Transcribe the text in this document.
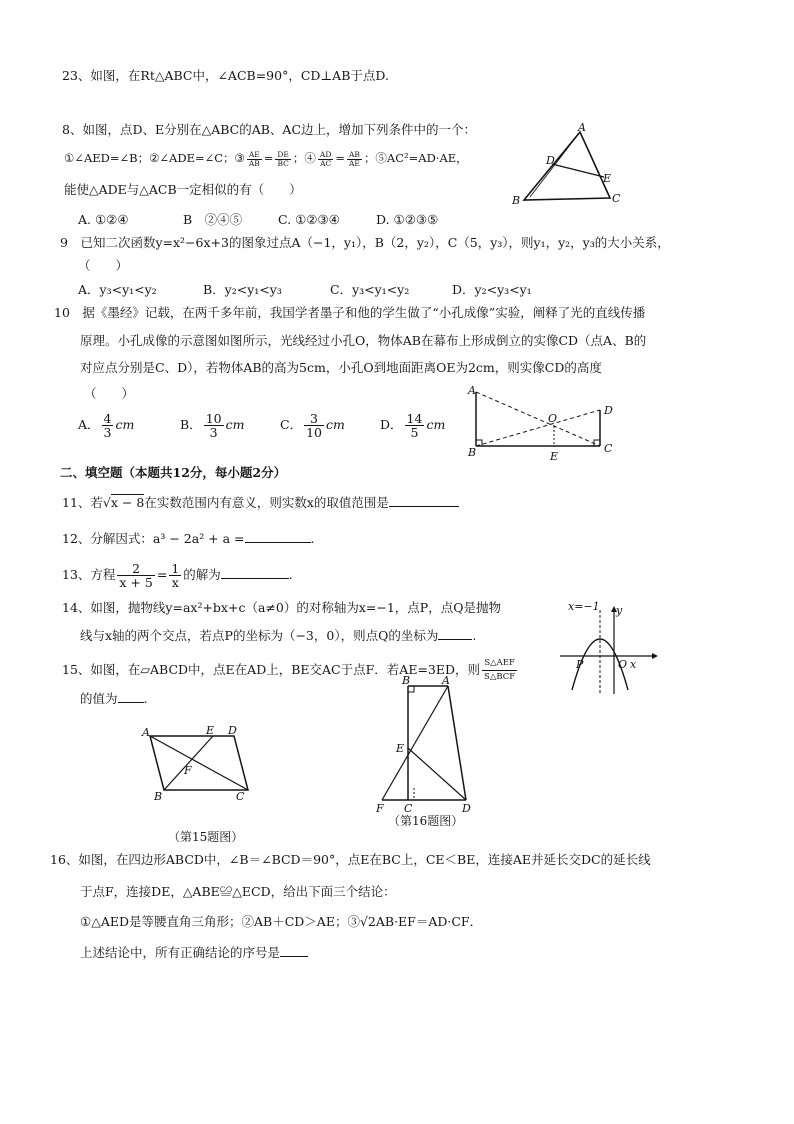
23、如图，在Rt△ABC中，∠ACB=90°，CD⊥AB于点D.
8、如图，点D、E分别在△ABC的AB、AC边上，增加下列条件中的一个：
①∠AED=∠B；②∠ADE=∠C；③ $\frac{AE}{AB} = \frac{DE}{BC}$ ；④ $\frac{AD}{AC} = \frac{AB}{AE}$ ；⑤AC²=AD·AE，
能使△ADE与△ACB一定相似的有（　　）
A. ①②④	B　②④⑤	C. ①②③④	D. ①②③⑤
A
B	C
D
E
9　已知二次函数y=x²−6x+3的图象过点A（−1，y₁），B（2，y₂），C（5，y₃），则y₁，y₂，y₃的大小关系，
（　　）
A．y₃<y₁<y₂	B．y₂<y₁<y₃	C．y₃<y₁<y₂	D．y₂<y₃<y₁
10　据《墨经》记载，在两千多年前，我国学者墨子和他的学生做了“小孔成像”实验，阐释了光的直线传播
原理。小孔成像的示意图如图所示，光线经过小孔O，物体AB在幕布上形成倒立的实像CD（点A、B的
对应点分别是C、D），若物体AB的高为5cm，小孔O到地面距离OE为2cm，则实像CD的高度
（　　）
A． $\frac{4}{3}$ cm	B． $\frac{10}{3}$ cm	C． $\frac{3}{10}$ cm	D． $\frac{14}{5}$ cm
A
B	C
D
O
E
二、填空题（本题共12分，每小题2分）
11、若√x − 8在实数范围内有意义，则实数x的取值范围是
12、分解因式：a³ − 2a² + a =	.
13、方程 $\frac{2}{x + 5} = \frac{1}{x}$ 的解为	.
14、如图，抛物线y=ax²+bx+c（a≠0）的对称轴为x=−1，点P，点Q是抛物
线与x轴的两个交点，若点P的坐标为（−3，0），则点Q的坐标为	.
x=−1 y
P	O x
15、如图，在▱ABCD中，点E在AD上，BE交AC于点F．若AE=3ED，则 $\frac{\text{S△AEF}}{\text{S△BCF}}$
的值为 .
A	E D
F
B	C
（第15题图）
B	A
E
F C	D
（第16题图）
16、如图，在四边形ABCD中，∠B＝∠BCD＝90°，点E在BC上，CE＜BE，连接AE并延长交DC的延长线
于点F，连接DE，△ABE≌△ECD，给出下面三个结论：
①△AED是等腰直角三角形；②AB＋CD＞AE；③√2AB·EF＝AD·CF．
上述结论中，所有正确结论的序号是
